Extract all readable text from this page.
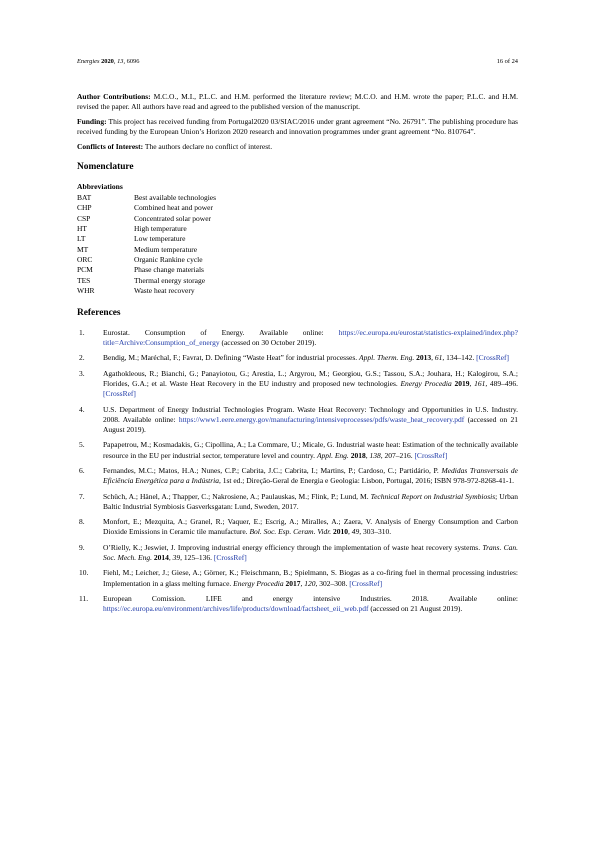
Energies 2020, 13, 6096	16 of 24

Author Contributions: M.C.O., M.I., P.L.C. and H.M. performed the literature review; M.C.O. and H.M. wrote the paper; P.L.C. and H.M. revised the paper. All authors have read and agreed to the published version of the manuscript.

Funding: This project has received funding from Portugal2020 03/SIAC/2016 under grant agreement “No. 26791”. The publishing procedure has received funding by the European Union’s Horizon 2020 research and innovation programmes under grant agreement “No. 810764”.

Conflicts of Interest: The authors declare no conflict of interest.

Nomenclature
Abbreviations
BAT	Best available technologies
CHP	Combined heat and power
CSP	Concentrated solar power
HT	High temperature
LT	Low temperature
MT	Medium temperature
ORC	Organic Rankine cycle
PCM	Phase change materials
TES	Thermal energy storage
WHR	Waste heat recovery
References
1. Eurostat. Consumption of Energy. Available online: https://ec.europa.eu/eurostat/statistics-explained/index.php?title=Archive:Consumption_of_energy (accessed on 30 October 2019).
2. Bendig, M.; Maréchal, F.; Favrat, D. Defining “Waste Heat” for industrial processes. Appl. Therm. Eng. 2013, 61, 134–142. [CrossRef]
3. Agathokleous, R.; Bianchi, G.; Panayiotou, G.; Arestia, L.; Argyrou, M.; Georgiou, G.S.; Tassou, S.A.; Jouhara, H.; Kalogirou, S.A.; Florides, G.A.; et al. Waste Heat Recovery in the EU industry and proposed new technologies. Energy Procedia 2019, 161, 489–496. [CrossRef]
4. U.S. Department of Energy Industrial Technologies Program. Waste Heat Recovery: Technology and Opportunities in U.S. Industry. 2008. Available online: https://www1.eere.energy.gov/manufacturing/intensiveprocesses/pdfs/waste_heat_recovery.pdf (accessed on 21 August 2019).
5. Papapetrou, M.; Kosmadakis, G.; Cipollina, A.; La Commare, U.; Micale, G. Industrial waste heat: Estimation of the technically available resource in the EU per industrial sector, temperature level and country. Appl. Eng. 2018, 138, 207–216. [CrossRef]
6. Fernandes, M.C.; Matos, H.A.; Nunes, C.P.; Cabrita, J.C.; Cabrita, I.; Martins, P.; Cardoso, C.; Partidário, P. Medidas Transversais de Eficiência Energética para a Indústria, 1st ed.; Direção-Geral de Energia e Geologia: Lisbon, Portugal, 2016; ISBN 978-972-8268-41-1.
7. Schüch, A.; Hänel, A.; Thapper, C.; Nakrosiene, A.; Paulauskas, M.; Flink, P.; Lund, M. Technical Report on Industrial Symbiosis; Urban Baltic Industrial Symbiosis Gasverksgatan: Lund, Sweden, 2017.
8. Monfort, E.; Mezquita, A.; Granel, R.; Vaquer, E.; Escrig, A.; Miralles, A.; Zaera, V. Analysis of Energy Consumption and Carbon Dioxide Emissions in Ceramic tile manufacture. Bol. Soc. Esp. Ceram. Vidr. 2010, 49, 303–310.
9. O’Rielly, K.; Jeswiet, J. Improving industrial energy efficiency through the implementation of waste heat recovery systems. Trans. Can. Soc. Mech. Eng. 2014, 39, 125–136. [CrossRef]
10. Fiehl, M.; Leicher, J.; Giese, A.; Görner, K.; Fleischmann, B.; Spielmann, S. Biogas as a co-firing fuel in thermal processing industries: Implementation in a glass melting furnace. Energy Procedia 2017, 120, 302–308. [CrossRef]
11. European Comission. LIFE and energy intensive Industries. 2018. Available online: https://ec.europa.eu/environment/archives/life/products/download/factsheet_eii_web.pdf (accessed on 21 August 2019).
